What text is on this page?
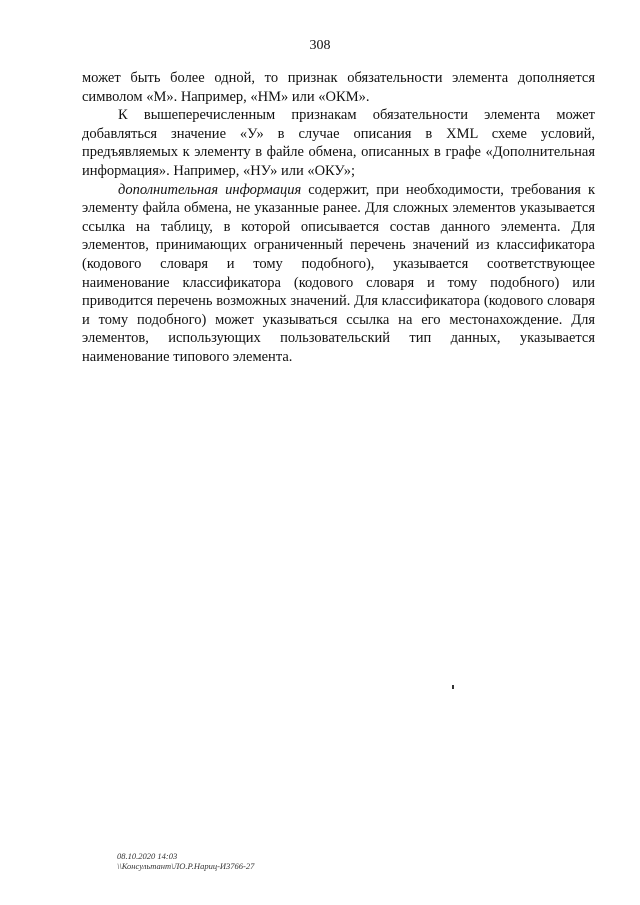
308

может быть более одной, то признак обязательности элемента дополняется символом «М». Например, «НМ» или «ОКМ».

К вышеперечисленным признакам обязательности элемента может добавляться значение «У» в случае описания в XML схеме условий, предъявляемых к элементу в файле обмена, описанных в графе «Дополнительная информация». Например, «НУ» или «ОКУ»;

дополнительная информация содержит, при необходимости, требования к элементу файла обмена, не указанные ранее. Для сложных элементов указывается ссылка на таблицу, в которой описывается состав данного элемента. Для элементов, принимающих ограниченный перечень значений из классификатора (кодового словаря и тому подобного), указывается соответствующее наименование классификатора (кодового словаря и тому подобного) или приводится перечень возможных значений. Для классификатора (кодового словаря и тому подобного) может указываться ссылка на его местонахождение. Для элементов, использующих пользовательский тип данных, указывается наименование типового элемента.

08.10.2020 14:03
\\Консультант\ЛО.Р.Нариц-И3766-27
